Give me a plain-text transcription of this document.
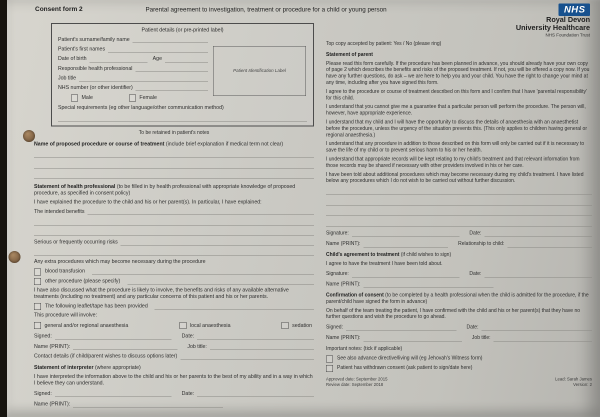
Consent form 2	Parental agreement to investigation, treatment or procedure for a child or young person	NHS
Royal Devon
University Healthcare
NHS Foundation Trust
Patient details (or pre-printed label)
Patient's surname/family name
Patient's first names
Date of birth	Age
Responsible health professional
Job title
NHS number (or other identifier)
Male	Female
Special requirements (eg other language/other communication method)
Patient Identification Label
To be retained in patient's notes
Name of proposed procedure or course of treatment (include brief explanation if medical term not clear)
Statement of health professional (to be filled in by health professional with appropriate knowledge of proposed procedure, as specified in consent policy)
I have explained the procedure to the child and his or her parent(s). In particular, I have explained:
The intended benefits
Serious or frequently occurring risks
Any extra procedures which may become necessary during the procedure
blood transfusion
other procedure (please specify)
I have also discussed what the procedure is likely to involve, the benefits and risks of any available alternative treatments (including no treatment) and any particular concerns of this patient and his or her parents.
The following leaflet/tape has been provided
This procedure will involve:
general and/or regional anaesthesia	local anaesthesia	sedation
Signed:	Date:
Name (PRINT):	Job title:
Contact details (if child/parent wishes to discuss options later)
Statement of interpreter (where appropriate)
I have interpreted the information above to the child and his or her parents to the best of my ability and in a way in which I believe they can understand.
Signed:	Date:
Name (PRINT):
Top copy accepted by patient: Yes / No (please ring)
Statement of parent
Please read this form carefully. If the procedure has been planned in advance, you should already have your own copy of page 2 which describes the benefits and risks of the proposed treatment. If not, you will be offered a copy now. If you have any further questions, do ask – we are here to help you and your child. You have the right to change your mind at any time, including after you have signed this form.
I agree to the procedure or course of treatment described on this form and I confirm that I have 'parental responsibility' for this child.
I understand that you cannot give me a guarantee that a particular person will perform the procedure. The person will, however, have appropriate experience.
I understand that my child and I will have the opportunity to discuss the details of anaesthesia with an anaesthetist before the procedure, unless the urgency of the situation prevents this. (This only applies to children having general or regional anaesthesia.)
I understand that any procedure in addition to those described on this form will only be carried out if it is necessary to save the life of my child or to prevent serious harm to his or her health.
I understand that appropriate records will be kept relating to my child's treatment and that relevant information from those records may be shared if necessary with other providers involved in his or her care.
I have been told about additional procedures which may become necessary during my child's treatment. I have listed below any procedures which I do not wish to be carried out without further discussion.
Signature:	Date:
Name (PRINT):	Relationship to child:
Child's agreement to treatment (if child wishes to sign)
I agree to have the treatment I have been told about.
Signature:	Date:
Name (PRINT):
Confirmation of consent (to be completed by a health professional when the child is admitted for the procedure, if the parent/child have signed the form in advance)
On behalf of the team treating the patient, I have confirmed with the child and his or her parent(s) that they have no further questions and wish the procedure to go ahead.
Signed:	Date:
Name (PRINT):	Job title:
Important notes: (tick if applicable)
See also advance directive/living will (eg Jehovah's Witness form)
Patient has withdrawn consent (ask patient to sign/date here)
Approved date: September 2015
Review date: September 2018
Lead: Sarah James
Version: 2
